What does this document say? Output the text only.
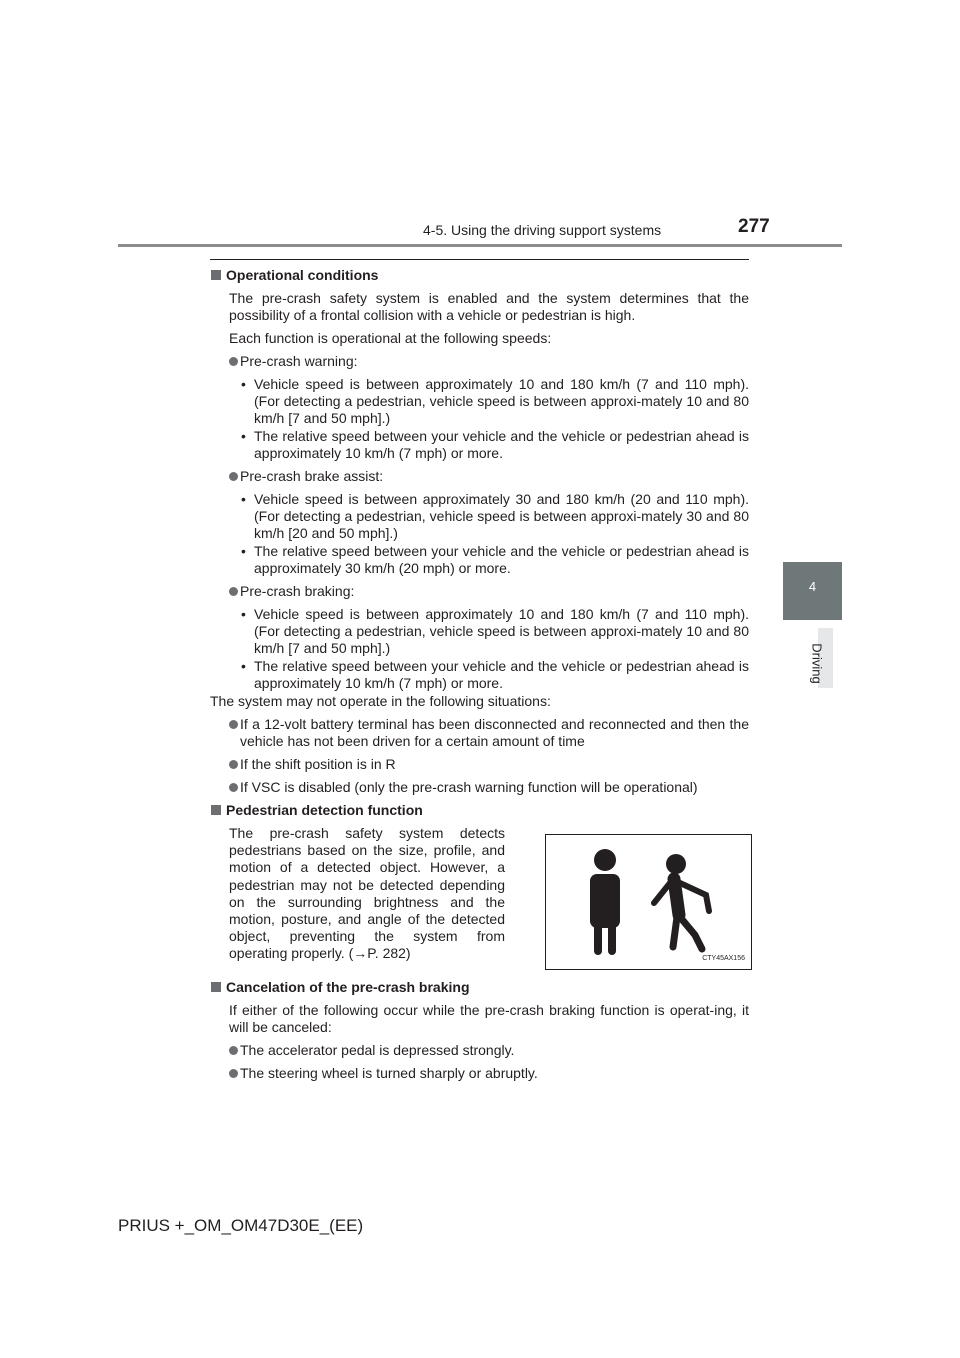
4-5. Using the driving support systems	277
4
Driving
Operational conditions

The pre-crash safety system is enabled and the system determines that the possibility of a frontal collision with a vehicle or pedestrian is high.

Each function is operational at the following speeds:

Pre-crash warning:
• Vehicle speed is between approximately 10 and 180 km/h (7 and 110 mph). (For detecting a pedestrian, vehicle speed is between approxi-mately 10 and 80 km/h [7 and 50 mph].)
• The relative speed between your vehicle and the vehicle or pedestrian ahead is approximately 10 km/h (7 mph) or more.
Pre-crash brake assist:
• Vehicle speed is between approximately 30 and 180 km/h (20 and 110 mph). (For detecting a pedestrian, vehicle speed is between approxi-mately 30 and 80 km/h [20 and 50 mph].)
• The relative speed between your vehicle and the vehicle or pedestrian ahead is approximately 30 km/h (20 mph) or more.
Pre-crash braking:
• Vehicle speed is between approximately 10 and 180 km/h (7 and 110 mph). (For detecting a pedestrian, vehicle speed is between approxi-mately 10 and 80 km/h [7 and 50 mph].)
• The relative speed between your vehicle and the vehicle or pedestrian ahead is approximately 10 km/h (7 mph) or more.

The system may not operate in the following situations:

If a 12-volt battery terminal has been disconnected and reconnected and then the vehicle has not been driven for a certain amount of time
If the shift position is in R
If VSC is disabled (only the pre-crash warning function will be operational)
Pedestrian detection function
The pre-crash safety system detects pedestrians based on the size, profile, and motion of a detected object. However, a pedestrian may not be detected depending on the surrounding brightness and the motion, posture, and angle of the detected object, preventing the system from operating properly. (→P. 282)	CTY45AX156
Cancelation of the pre-crash braking

If either of the following occur while the pre-crash braking function is operat-ing, it will be canceled:

The accelerator pedal is depressed strongly.
The steering wheel is turned sharply or abruptly.
PRIUS +_OM_OM47D30E_(EE)
